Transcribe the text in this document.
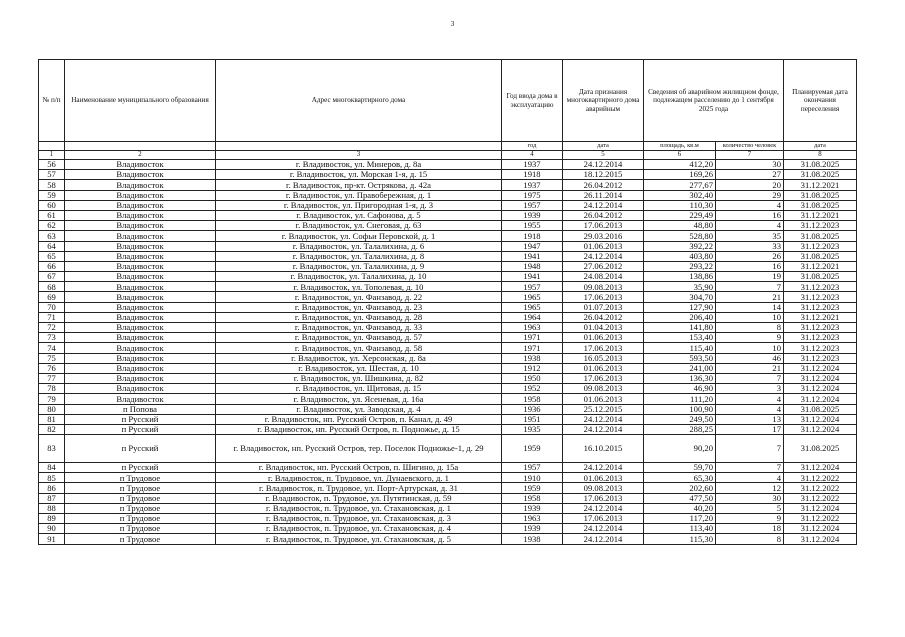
3
№ п/п	Наименование муниципального образования	Адрес многоквартирного дома	Год ввода дома в эксплуатацию	Дата признания многоквартирного дома аварийным	Сведения об аварийном жилищном фонде, подлежащем расселению до 1 сентября 2025 года		Планируемая дата окончания переселения
			год	дата	площадь, кв.м	количество человек	дата
1	2	3	4	5	6	7	8
56	Владивосток	г. Владивосток, ул. Минеров, д. 8а	1937	24.12.2014	412,20	30	31.08.2025
57	Владивосток	г. Владивосток, ул. Морская 1-я, д. 15	1918	18.12.2015	169,26	27	31.08.2025
58	Владивосток	г. Владивосток, пр-кт. Острякова, д. 42а	1937	26.04.2012	277,67	20	31.12.2021
59	Владивосток	г. Владивосток, ул. Правобережная, д. 1	1975	26.11.2014	302,40	29	31.08.2025
60	Владивосток	г. Владивосток, ул. Пригородная 1-я, д. 3	1957	24.12.2014	110,30	4	31.08.2025
61	Владивосток	г. Владивосток, ул. Сафонова, д. 5	1939	26.04.2012	229,49	16	31.12.2021
62	Владивосток	г. Владивосток, ул. Снеговая, д. 63	1955	17.06.2013	48,80	4	31.12.2023
63	Владивосток	г. Владивосток, ул. Софьи Перовской, д. 1	1918	29.03.2016	528,80	35	31.08.2025
64	Владивосток	г. Владивосток, ул. Талалихина, д. 6	1947	01.06.2013	392,22	33	31.12.2023
65	Владивосток	г. Владивосток, ул. Талалихина, д. 8	1941	24.12.2014	403,80	26	31.08.2025
66	Владивосток	г. Владивосток, ул. Талалихина, д. 9	1948	27.06.2012	293,22	16	31.12.2021
67	Владивосток	г. Владивосток, ул. Талалихина, д. 10	1941	24.08.2014	138,86	19	31.08.2025
68	Владивосток	г. Владивосток, ул. Тополевая, д. 10	1957	09.08.2013	35,90	7	31.12.2023
69	Владивосток	г. Владивосток, ул. Фанзавод, д. 22	1965	17.06.2013	304,70	21	31.12.2023
70	Владивосток	г. Владивосток, ул. Фанзавод, д. 23	1965	01.07.2013	127,90	14	31.12.2023
71	Владивосток	г. Владивосток, ул. Фанзавод, д. 28	1964	26.04.2012	206,40	10	31.12.2021
72	Владивосток	г. Владивосток, ул. Фанзавод, д. 33	1963	01.04.2013	141,80	8	31.12.2023
73	Владивосток	г. Владивосток, ул. Фанзавод, д. 57	1971	01.06.2013	153,40	9	31.12.2023
74	Владивосток	г. Владивосток, ул. Фанзавод, д. 58	1971	17.06.2013	115,40	10	31.12.2023
75	Владивосток	г. Владивосток, ул. Херсонская, д. 8а	1938	16.05.2013	593,50	46	31.12.2023
76	Владивосток	г. Владивосток, ул. Шестая, д. 10	1912	01.06.2013	241,00	21	31.12.2024
77	Владивосток	г. Владивосток, ул. Шишкина, д. 82	1950	17.06.2013	136,30	7	31.12.2024
78	Владивосток	г. Владивосток, ул. Щитовая, д. 15	1952	09.08.2013	46,90	3	31.12.2024
79	Владивосток	г. Владивосток, ул. Ясеневая, д. 16а	1958	01.06.2013	111,20	4	31.12.2024
80	п Попова	г. Владивосток, ул. Заводская, д. 4	1936	25.12.2015	100,90	4	31.08.2025
81	п Русский	г. Владивосток, нп. Русский Остров, п. Канал, д. 49	1951	24.12.2014	249,50	13	31.12.2024
82	п Русский	г. Владивосток, нп. Русский Остров, п. Подножье, д. 15	1935	24.12.2014	288,25	17	31.12.2024
83	п Русский	г. Владивосток, нп. Русский Остров, тер. Поселок Подножье-1, д. 29	1959	16.10.2015	90,20	7	31.08.2025
84	п Русский	г. Владивосток, нп. Русский Остров, п. Шигино, д. 15а	1957	24.12.2014	59,70	7	31.12.2024
85	п Трудовое	г. Владивосток, п. Трудовое, ул. Дунаевского, д. 1	1910	01.06.2013	65,30	4	31.12.2022
86	п Трудовое	г. Владивосток, п. Трудовое, ул. Порт-Артурская, д. 31	1959	09.08.2013	202,60	12	31.12.2022
87	п Трудовое	г. Владивосток, п. Трудовое, ул. Путятинская, д. 59	1958	17.06.2013	477,50	30	31.12.2022
88	п Трудовое	г. Владивосток, п. Трудовое, ул. Стахановская, д. 1	1939	24.12.2014	40,20	5	31.12.2024
89	п Трудовое	г. Владивосток, п. Трудовое, ул. Стахановская, д. 3	1963	17.06.2013	117,20	9	31.12.2022
90	п Трудовое	г. Владивосток, п. Трудовое, ул. Стахановская, д. 4	1939	24.12.2014	113,40	18	31.12.2024
91	п Трудовое	г. Владивосток, п. Трудовое, ул. Стахановская, д. 5	1938	24.12.2014	115,30	8	31.12.2024
